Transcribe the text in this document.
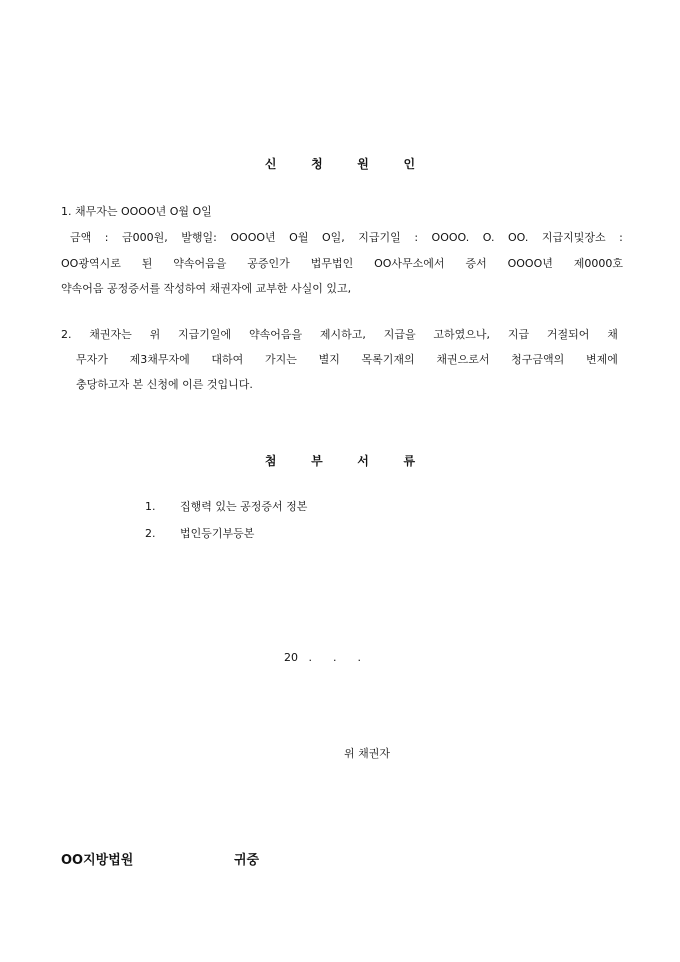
신	청	원	인
1. 채무자는 OOOO년 O월 O일
금액 : 금000원, 발행일: OOOO년 O월 O일, 지급기일 : OOOO. O. OO. 지급지및장소 :
OO광역시로 된 약속어음을 공증인가 법무법인 OO사무소에서 증서 OOOO년 제0000호
약속어음 공정증서를 작성하여 채권자에 교부한 사실이 있고,
2. 채권자는 위 지급기일에 약속어음을 제시하고, 지급을 고하였으나, 지급 거절되어 채
무자가 제3채무자에 대하여 가지는 별지 목록기재의 채권으로서 청구금액의 변제에
충당하고자 본 신청에 이른 것입니다.
첨	부	서	류
1. 집행력 있는 공정증서 정본
2. 법인등기부등본
20   .      .      .
위 채권자
OO지방법원	귀중
